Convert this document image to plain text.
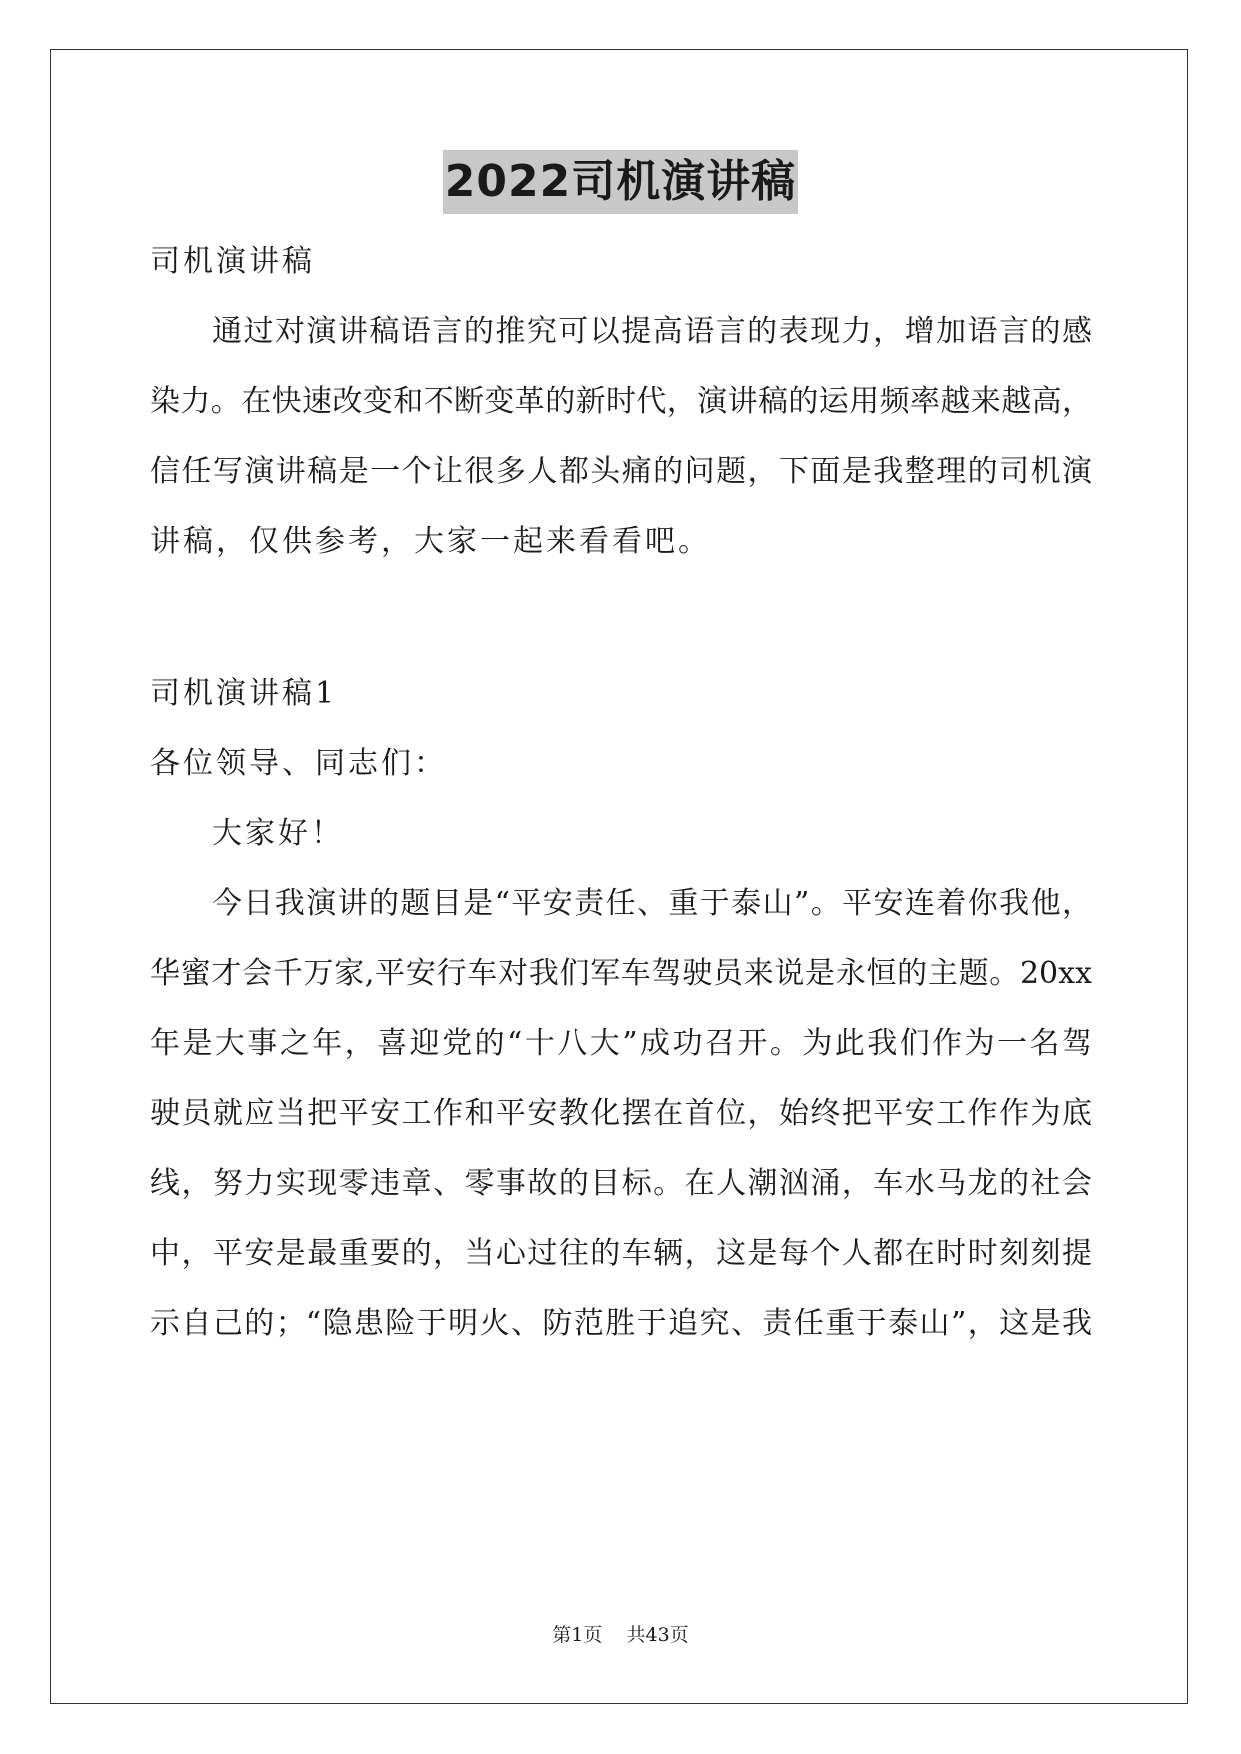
2022司机演讲稿
司机演讲稿
通过对演讲稿语言的推究可以提高语言的表现力，增加语言的感
染力。在快速改变和不断变革的新时代，演讲稿的运用频率越来越高，
信任写演讲稿是一个让很多人都头痛的问题，下面是我整理的司机演
讲稿，仅供参考，大家一起来看看吧。
司机演讲稿1
各位领导、同志们：
大家好！
今日我演讲的题目是“平安责任、重于泰山”。平安连着你我他，
华蜜才会千万家,平安行车对我们军车驾驶员来说是永恒的主题。20xx
年是大事之年，喜迎党的“十八大”成功召开。为此我们作为一名驾
驶员就应当把平安工作和平安教化摆在首位，始终把平安工作作为底
线，努力实现零违章、零事故的目标。在人潮汹涌，车水马龙的社会
中，平安是最重要的，当心过往的车辆，这是每个人都在时时刻刻提
示自己的；“隐患险于明火、防范胜于追究、责任重于泰山”，这是我
第1页 共43页
